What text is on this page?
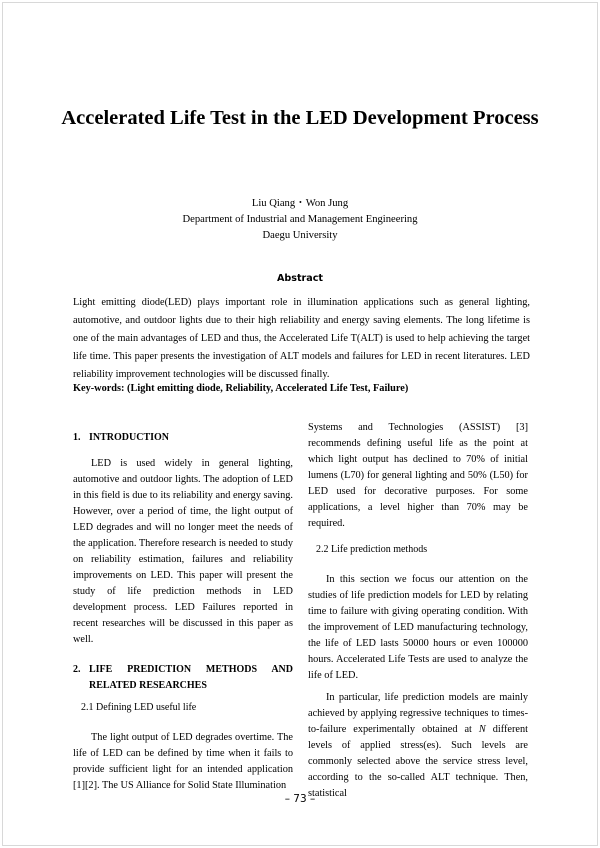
Accelerated Life Test in the LED Development Process
Liu Qiang・Won Jung
Department of Industrial and Management Engineering
Daegu University
Abstract
Light emitting diode(LED) plays important role in illumination applications such as general lighting, automotive, and outdoor lights due to their high reliability and energy saving elements. The long lifetime is one of the main advantages of LED and thus, the Accelerated Life T(ALT) is used to help achieving the target life time. This paper presents the investigation of ALT models and failures for LED in recent literatures. LED reliability improvement technologies will be discussed finally.
Key-words: (Light emitting diode, Reliability, Accelerated Life Test, Failure)
1. INTRODUCTION

LED is used widely in general lighting, automotive and outdoor lights. The adoption of LED in this field is due to its reliability and energy saving. However, over a period of time, the light output of LED degrades and will no longer meet the needs of the application. Therefore research is needed to study on reliability estimation, failures and reliability improvements on LED. This paper will present the study of life prediction methods in LED development process. LED Failures reported in recent researches will be discussed in this paper as well.

2. LIFE PREDICTION METHODS AND RELATED RESEARCHES
2.1 Defining LED useful life

The light output of LED degrades overtime. The life of LED can be defined by time when it fails to provide sufficient light for an intended application [1][2]. The US Alliance for Solid State Illumination

Systems and Technologies (ASSIST) [3] recommends defining useful life as the point at which light output has declined to 70% of initial lumens (L70) for general lighting and 50% (L50) for LED used for decorative purposes. For some applications, a level higher than 70% may be required.

2.2 Life prediction methods

In this section we focus our attention on the studies of life prediction models for LED by relating time to failure with giving operating condition. With the improvement of LED manufacturing technology, the life of LED lasts 50000 hours or even 100000 hours. Accelerated Life Tests are used to analyze the life of LED.

In particular, life prediction models are mainly achieved by applying regressive techniques to times-to-failure experimentally obtained at N different levels of applied stress(es). Such levels are commonly selected above the service stress level, according to the so-called ALT technique. Then, statistical

– 73 –
